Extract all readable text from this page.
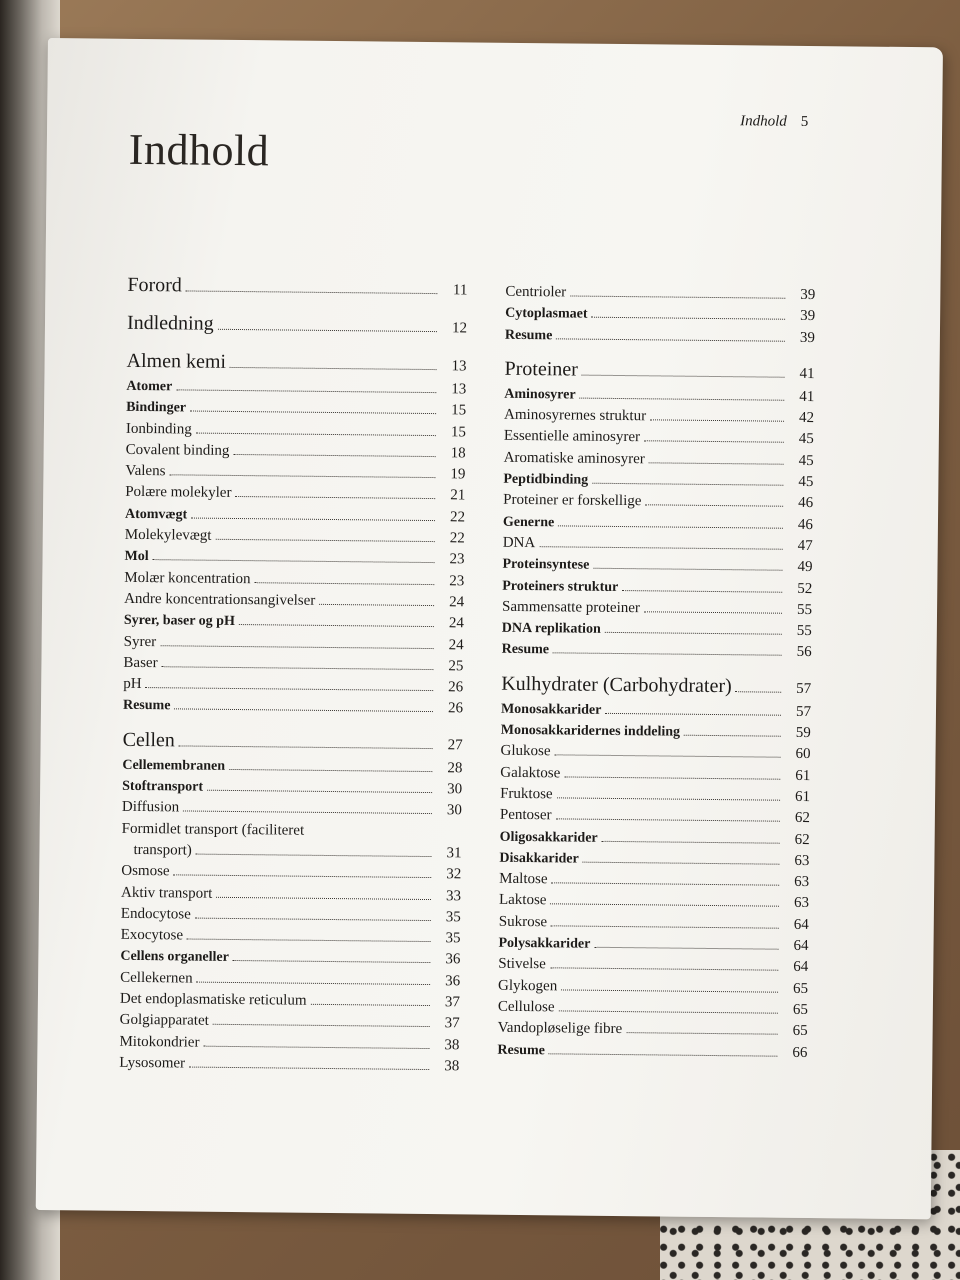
Indhold 5
Indhold
Forord	11
Indledning	12
Almen kemi	13
Atomer	13
Bindinger	15
Ionbinding	15
Covalent binding	18
Valens	19
Polære molekyler	21
Atomvægt	22
Molekylevægt	22
Mol	23
Molær koncentration	23
Andre koncentrationsangivelser	24
Syrer, baser og pH	24
Syrer	24
Baser	25
pH	26
Resume	26
Cellen	27
Cellemembranen	28
Stoftransport	30
Diffusion	30
Formidlet transport (faciliteret
transport)	31
Osmose	32
Aktiv transport	33
Endocytose	35
Exocytose	35
Cellens organeller	36
Cellekernen	36
Det endoplasmatiske reticulum	37
Golgiapparatet	37
Mitokondrier	38
Lysosomer	38
Centrioler	39
Cytoplasmaet	39
Resume	39
Proteiner	41
Aminosyrer	41
Aminosyrernes struktur	42
Essentielle aminosyrer	45
Aromatiske aminosyrer	45
Peptidbinding	45
Proteiner er forskellige	46
Generne	46
DNA	47
Proteinsyntese	49
Proteiners struktur	52
Sammensatte proteiner	55
DNA replikation	55
Resume	56
Kulhydrater (Carbohydrater)	57
Monosakkarider	57
Monosakkaridernes inddeling	59
Glukose	60
Galaktose	61
Fruktose	61
Pentoser	62
Oligosakkarider	62
Disakkarider	63
Maltose	63
Laktose	63
Sukrose	64
Polysakkarider	64
Stivelse	64
Glykogen	65
Cellulose	65
Vandopløselige fibre	65
Resume	66
